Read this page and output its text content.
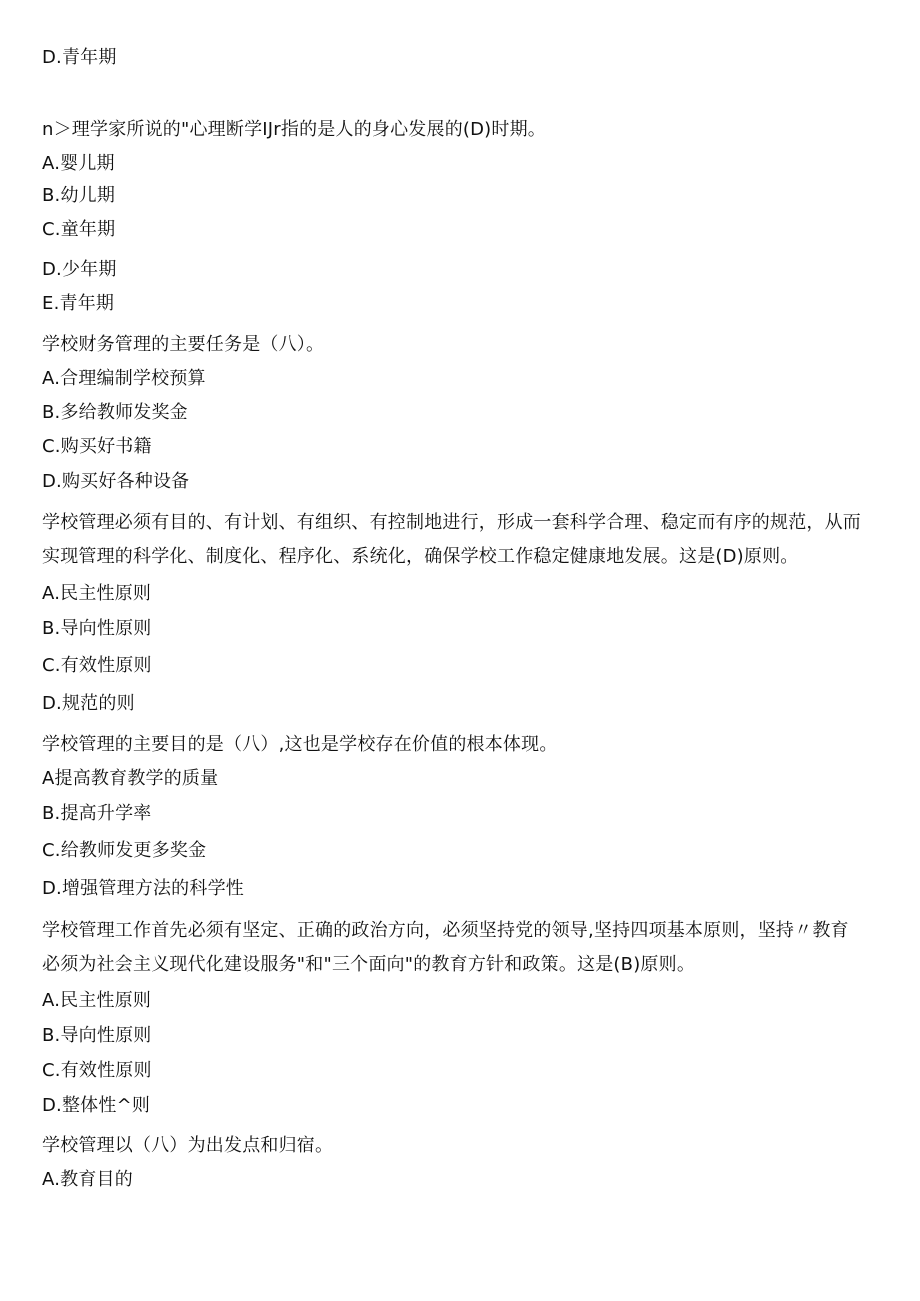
D.青年期
n＞理学家所说的"心理断学IJr指的是人的身心发展的(D)时期。
A.婴儿期
B.幼儿期
C.童年期
D.少年期
E.青年期
学校财务管理的主要任务是（八）。
A.合理编制学校预算
B.多给教师发奖金
C.购买好书籍
D.购买好各种设备
学校管理必须有目的、有计划、有组织、有控制地进行，形成一套科学合理、稳定而有序的规范，从而
实现管理的科学化、制度化、程序化、系统化，确保学校工作稳定健康地发展。这是(D)原则。
A.民主性原则
B.导向性原则
C.有效性原则
D.规范的则
学校管理的主要目的是（八）,这也是学校存在价值的根本体现。
A提高教育教学的质量
B.提高升学率
C.给教师发更多奖金
D.增强管理方法的科学性
学校管理工作首先必须有坚定、正确的政治方向，必须坚持党的领导,坚持四项基本原则，坚持〃教育
必须为社会主义现代化建设服务"和"三个面向"的教育方针和政策。这是(B)原则。
A.民主性原则
B.导向性原则
C.有效性原则
D.整体性^则
学校管理以（八）为出发点和归宿。
A.教育目的
